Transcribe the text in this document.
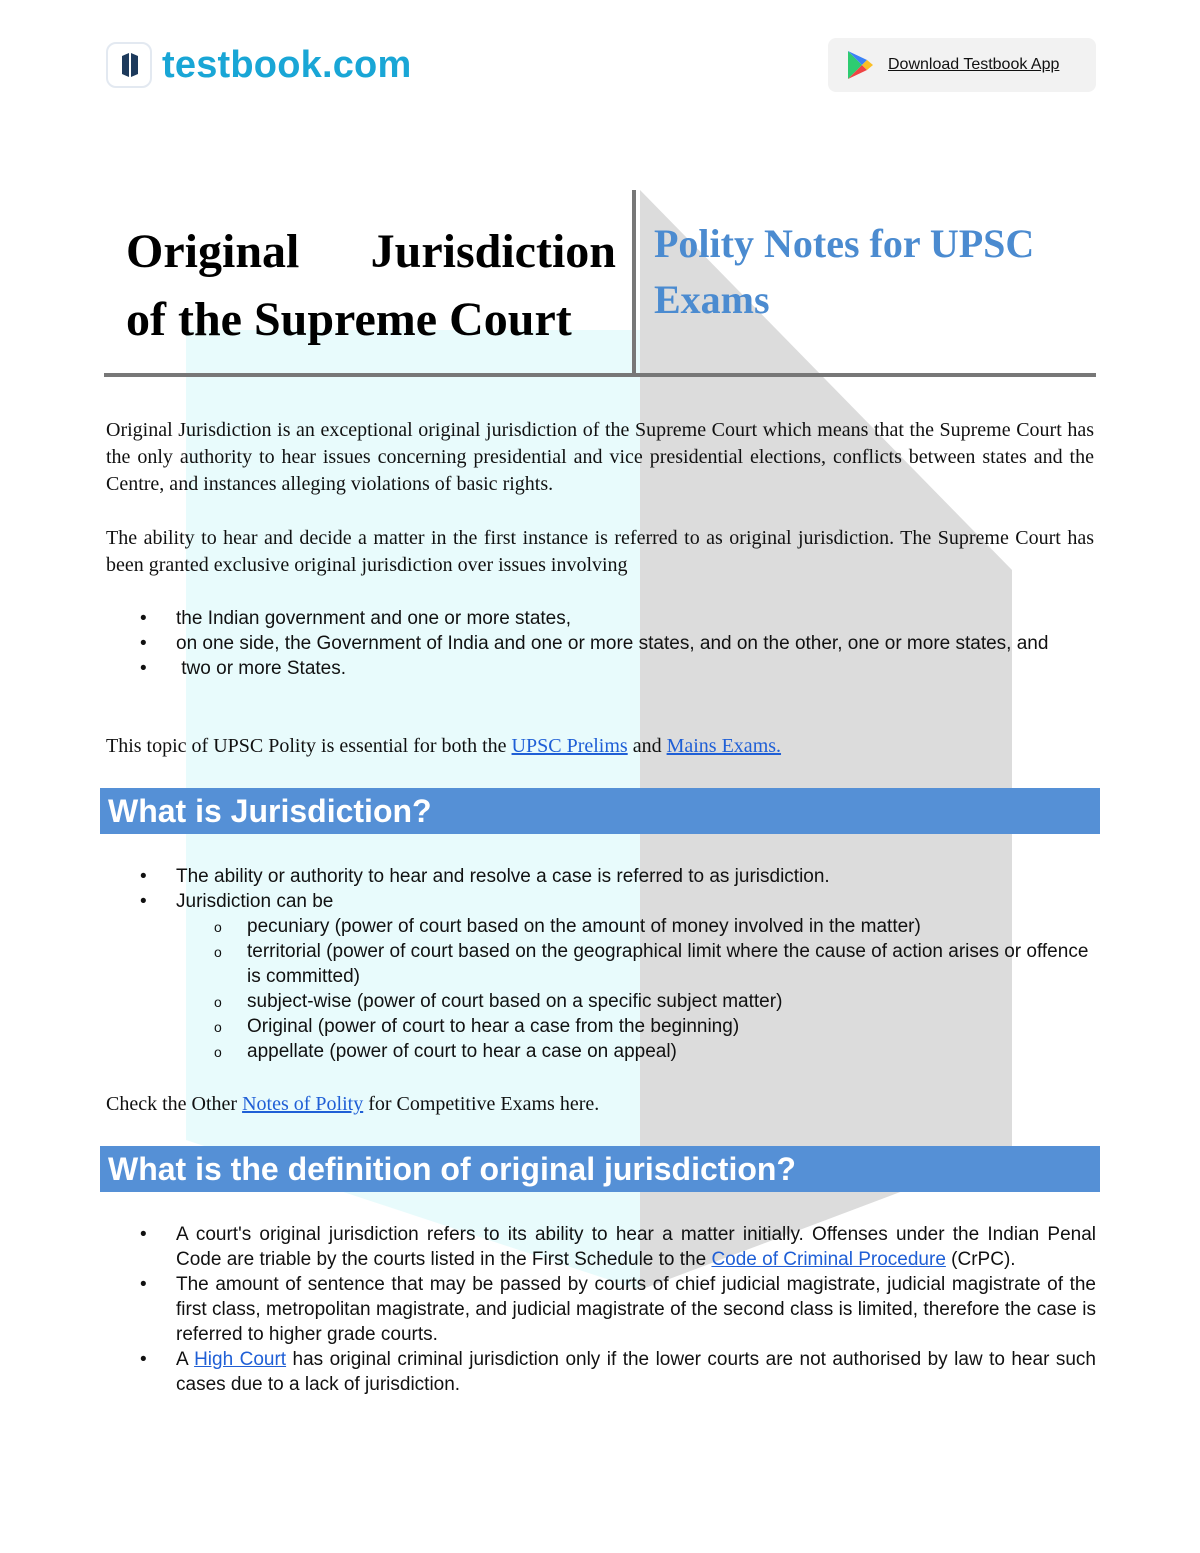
testbook.com	Download Testbook App
Original Jurisdiction
of the Supreme Court
Polity Notes for UPSC Exams

Original Jurisdiction is an exceptional original jurisdiction of the Supreme Court which means that the Supreme Court has the only authority to hear issues concerning presidential and vice presidential elections, conflicts between states and the Centre, and instances alleging violations of basic rights.

The ability to hear and decide a matter in the first instance is referred to as original jurisdiction. The Supreme Court has been granted exclusive original jurisdiction over issues involving

• the Indian government and one or more states,
• on one side, the Government of India and one or more states, and on the other, one or more states, and
• two or more States.

This topic of UPSC Polity is essential for both the UPSC Prelims and Mains Exams.

What is Jurisdiction?
• The ability or authority to hear and resolve a case is referred to as jurisdiction.
• Jurisdiction can be
o pecuniary (power of court based on the amount of money involved in the matter)
o territorial (power of court based on the geographical limit where the cause of action arises or offence is committed)
o subject-wise (power of court based on a specific subject matter)
o Original (power of court to hear a case from the beginning)
o appellate (power of court to hear a case on appeal)

Check the Other Notes of Polity for Competitive Exams here.

What is the definition of original jurisdiction?
• A court's original jurisdiction refers to its ability to hear a matter initially. Offenses under the Indian Penal Code are triable by the courts listed in the First Schedule to the Code of Criminal Procedure (CrPC).
• The amount of sentence that may be passed by courts of chief judicial magistrate, judicial magistrate of the first class, metropolitan magistrate, and judicial magistrate of the second class is limited, therefore the case is referred to higher grade courts.
• A High Court has original criminal jurisdiction only if the lower courts are not authorised by law to hear such cases due to a lack of jurisdiction.
